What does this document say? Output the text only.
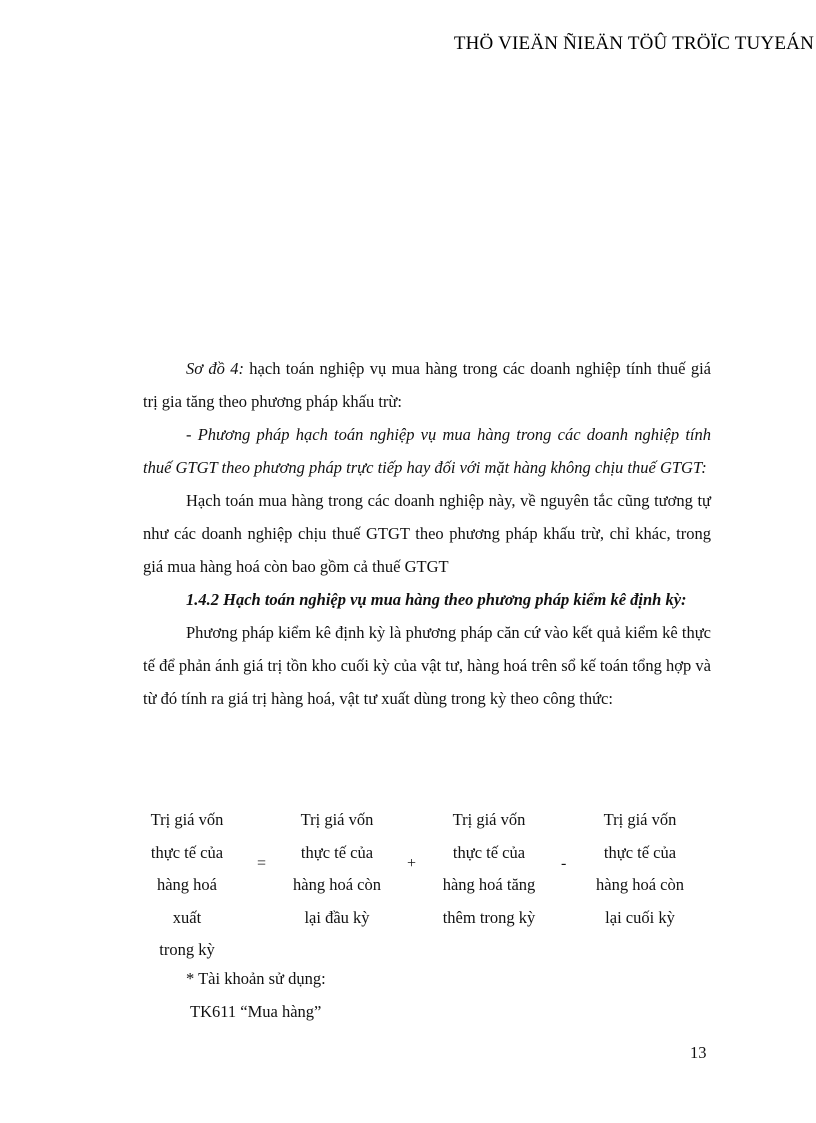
THÖ VIEÄN ÑIEÄN TÖÛ TRÖÏC TUYEÁN

Sơ đồ 4: hạch toán nghiệp vụ mua hàng trong các doanh nghiệp tính thuế giá trị gia tăng theo phương pháp khấu trừ:

- Phương pháp hạch toán nghiệp vụ mua hàng trong các doanh nghiệp tính thuế GTGT theo phương pháp trực tiếp hay đối với mặt hàng không chịu thuế GTGT:

Hạch toán mua hàng trong các doanh nghiệp này, về nguyên tắc cũng tương tự như các doanh nghiệp chịu thuế GTGT theo phương pháp khấu trừ, chỉ khác, trong giá mua hàng hoá còn bao gồm cả thuế GTGT

1.4.2 Hạch toán nghiệp vụ mua hàng theo phương pháp kiểm kê định kỳ:

Phương pháp kiểm kê định kỳ là phương pháp căn cứ vào kết quả kiểm kê thực tế để phản ánh giá trị tồn kho cuối kỳ của vật tư, hàng hoá trên sổ kế toán tổng hợp và từ đó tính ra giá trị hàng hoá, vật tư xuất dùng trong kỳ theo công thức:

Trị giá vốn
thực tế của
hàng hoá xuất
trong kỳ
=
Trị giá vốn
thực tế của
hàng hoá còn
lại đầu kỳ
+
Trị giá vốn
thực tế của
hàng hoá tăng
thêm trong kỳ
-
Trị giá vốn
thực tế của
hàng hoá còn
lại cuối kỳ
* Tài khoản sử dụng:
TK611 “Mua hàng”
13
